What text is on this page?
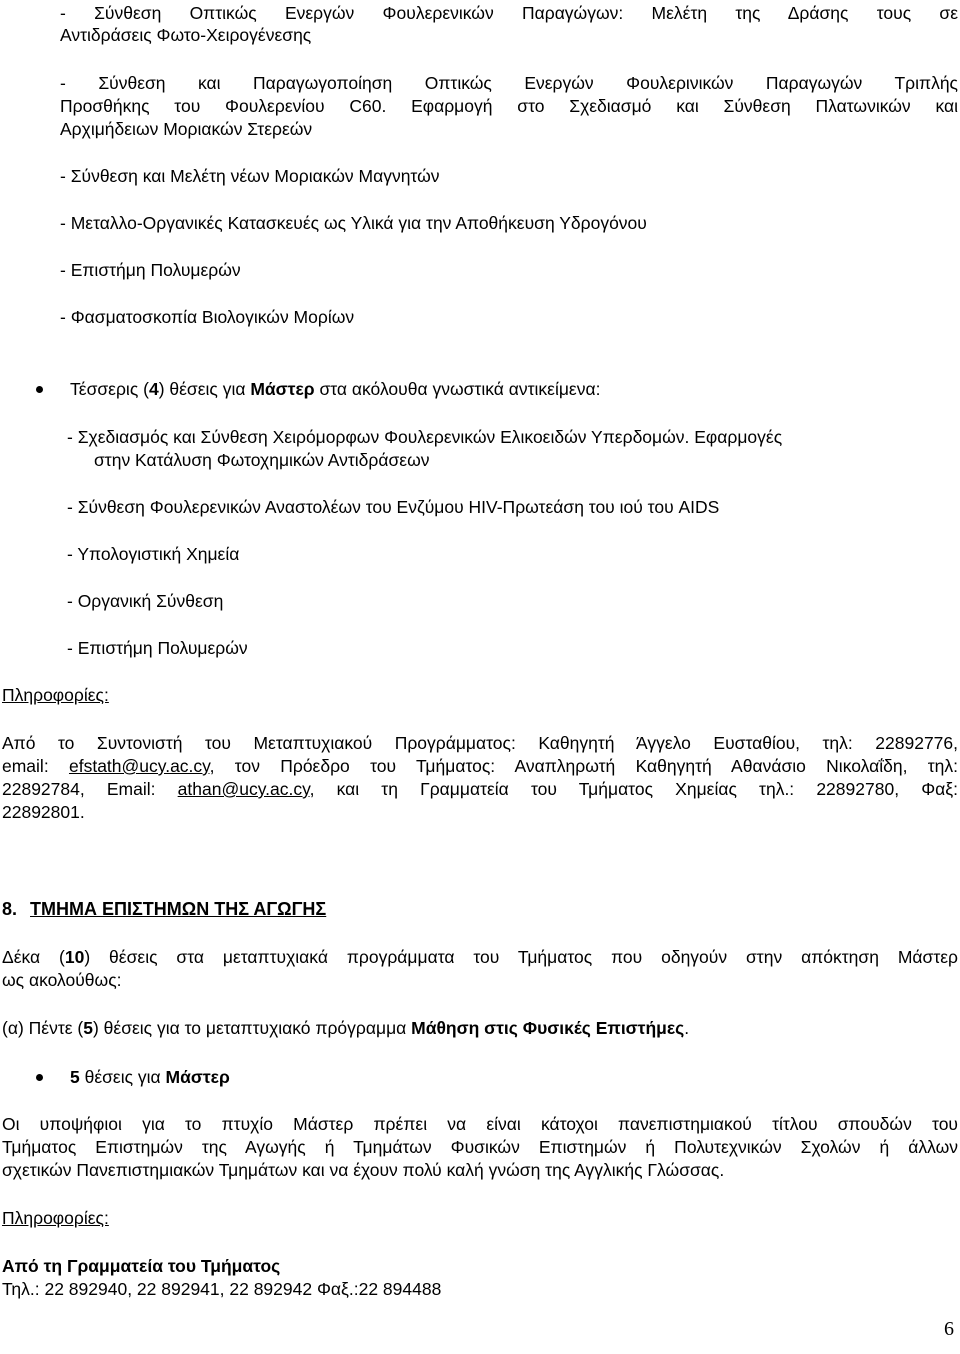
- Σύνθεση Οπτικώς Ενεργών Φουλερενικών Παραγώγων: Μελέτη της Δράσης τους σε
Αντιδράσεις Φωτο-Χειρογένεσης
- Σύνθεση και Παραγωγοποίηση Οπτικώς Ενεργών Φουλερινικών Παραγωγών Τριπλής
Προσθήκης του Φουλερενίου C60. Εφαρμογή στο Σχεδιασμό και Σύνθεση Πλατωνικών και
Αρχιμήδειων Μοριακών Στερεών
- Σύνθεση και Μελέτη νέων Μοριακών Μαγνητών
- Μεταλλο-Οργανικές Κατασκευές ως Υλικά για την Αποθήκευση Υδρογόνου
- Επιστήμη Πολυμερών
- Φασματοσκοπία Βιολογικών Μορίων
Τέσσερις (4) θέσεις για Μάστερ στα ακόλουθα γνωστικά αντικείμενα:
- Σχεδιασμός και Σύνθεση Χειρόμορφων Φουλερενικών Ελικοειδών Υπερδομών. Εφαρμογές
στην Κατάλυση Φωτοχημικών Αντιδράσεων
- Σύνθεση Φουλερενικών Αναστολέων του Ενζύμου HIV-Πρωτεάση του ιού του AIDS
- Υπολογιστική Χημεία
- Οργανική Σύνθεση
- Επιστήμη Πολυμερών
Πληροφορίες:
Από το Συντονιστή του Μεταπτυχιακού Προγράμματος: Καθηγητή Άγγελο Ευσταθίου, τηλ: 22892776,
email: efstath@ucy.ac.cy, τον Πρόεδρο του Τμήματος: Αναπληρωτή Καθηγητή Αθανάσιο Νικολαΐδη, τηλ:
22892784, Email: athan@ucy.ac.cy, και τη Γραμματεία του Τμήματος Χημείας τηλ.: 22892780, Φαξ:
22892801.
8. ΤΜΗΜΑ ΕΠΙΣΤΗΜΩΝ ΤΗΣ ΑΓΩΓΗΣ
Δέκα (10) θέσεις στα μεταπτυχιακά προγράμματα του Τμήματος που οδηγούν στην απόκτηση Μάστερ
ως ακολούθως:
(α) Πέντε (5) θέσεις για το μεταπτυχιακό πρόγραμμα Μάθηση στις Φυσικές Επιστήμες.
5 θέσεις για Μάστερ
Οι υποψήφιοι για το πτυχίο Μάστερ πρέπει να είναι κάτοχοι πανεπιστημιακού τίτλου σπουδών του
Τμήματος Επιστημών της Αγωγής ή Τμημάτων Φυσικών Επιστημών ή Πολυτεχνικών Σχολών ή άλλων
σχετικών Πανεπιστημιακών Τμημάτων και να έχουν πολύ καλή γνώση της Αγγλικής Γλώσσας.
Πληροφορίες:
Από τη Γραμματεία του Τμήματος
Τηλ.: 22 892940, 22 892941, 22 892942 Φαξ.:22 894488
6
